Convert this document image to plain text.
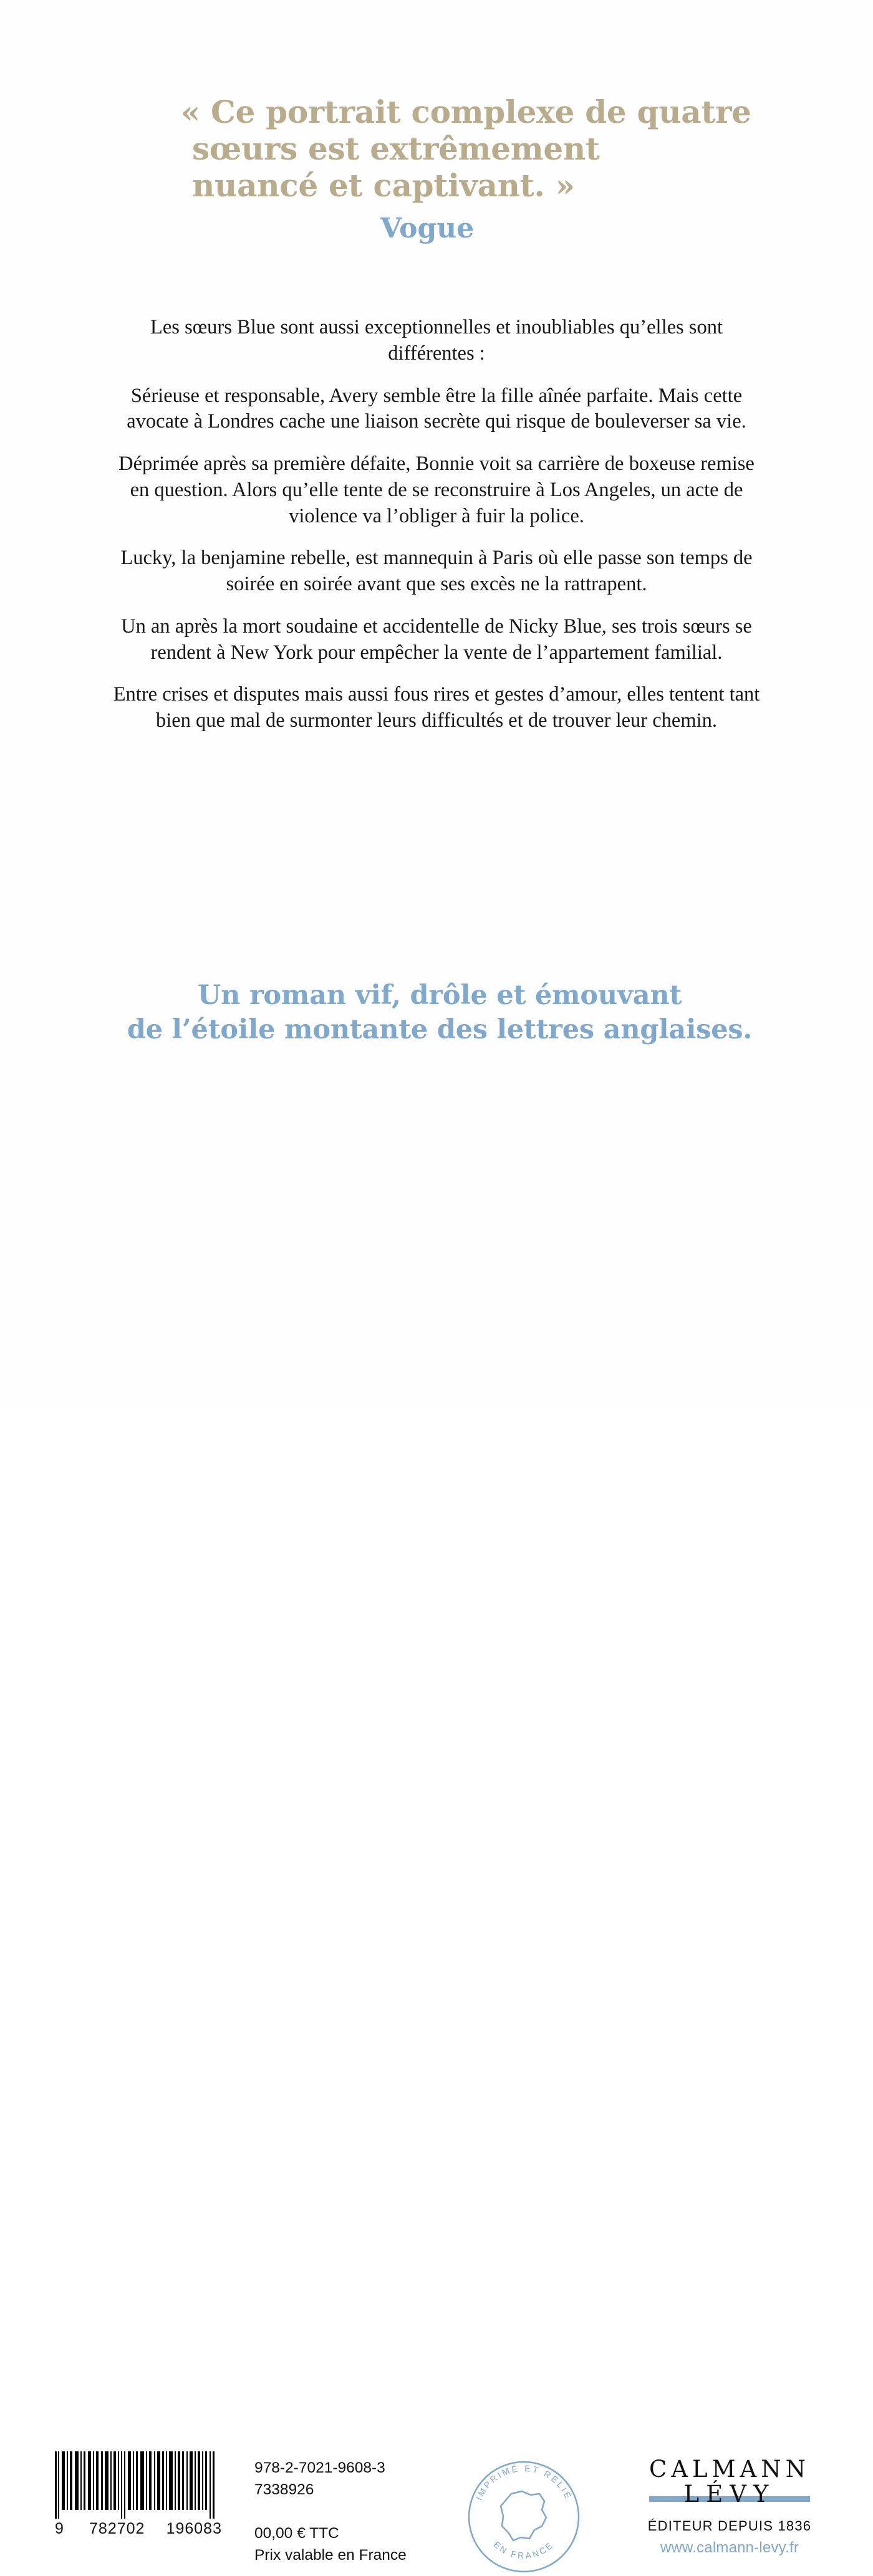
« Ce portrait complexe de quatre
sœurs est extrêmement
nuancé et captivant. »
Vogue

Les sœurs Blue sont aussi exceptionnelles et inoubliables qu’elles sont différentes :

Sérieuse et responsable, Avery semble être la fille aînée parfaite. Mais cette avocate à Londres cache une liaison secrète qui risque de bouleverser sa vie.

Déprimée après sa première défaite, Bonnie voit sa carrière de boxeuse remise en question. Alors qu’elle tente de se reconstruire à Los Angeles, un acte de violence va l’obliger à fuir la police.

Lucky, la benjamine rebelle, est mannequin à Paris où elle passe son temps de soirée en soirée avant que ses excès ne la rattrapent.

Un an après la mort soudaine et accidentelle de Nicky Blue, ses trois sœurs se rendent à New York pour empêcher la vente de l’appartement familial.

Entre crises et disputes mais aussi fous rires et gestes d’amour, elles tentent tant bien que mal de surmonter leurs difficultés et de trouver leur chemin.

Un roman vif, drôle et émouvant
de l’étoile montante des lettres anglaises.
9 782702 196083
978-2-7021-9608-3
7338926
00,00 € TTC
Prix valable en France
IMPRIMÉ ET RELIÉ
EN FRANCE
CALMANN
LÉVY
ÉDITEUR DEPUIS 1836
www.calmann-levy.fr
